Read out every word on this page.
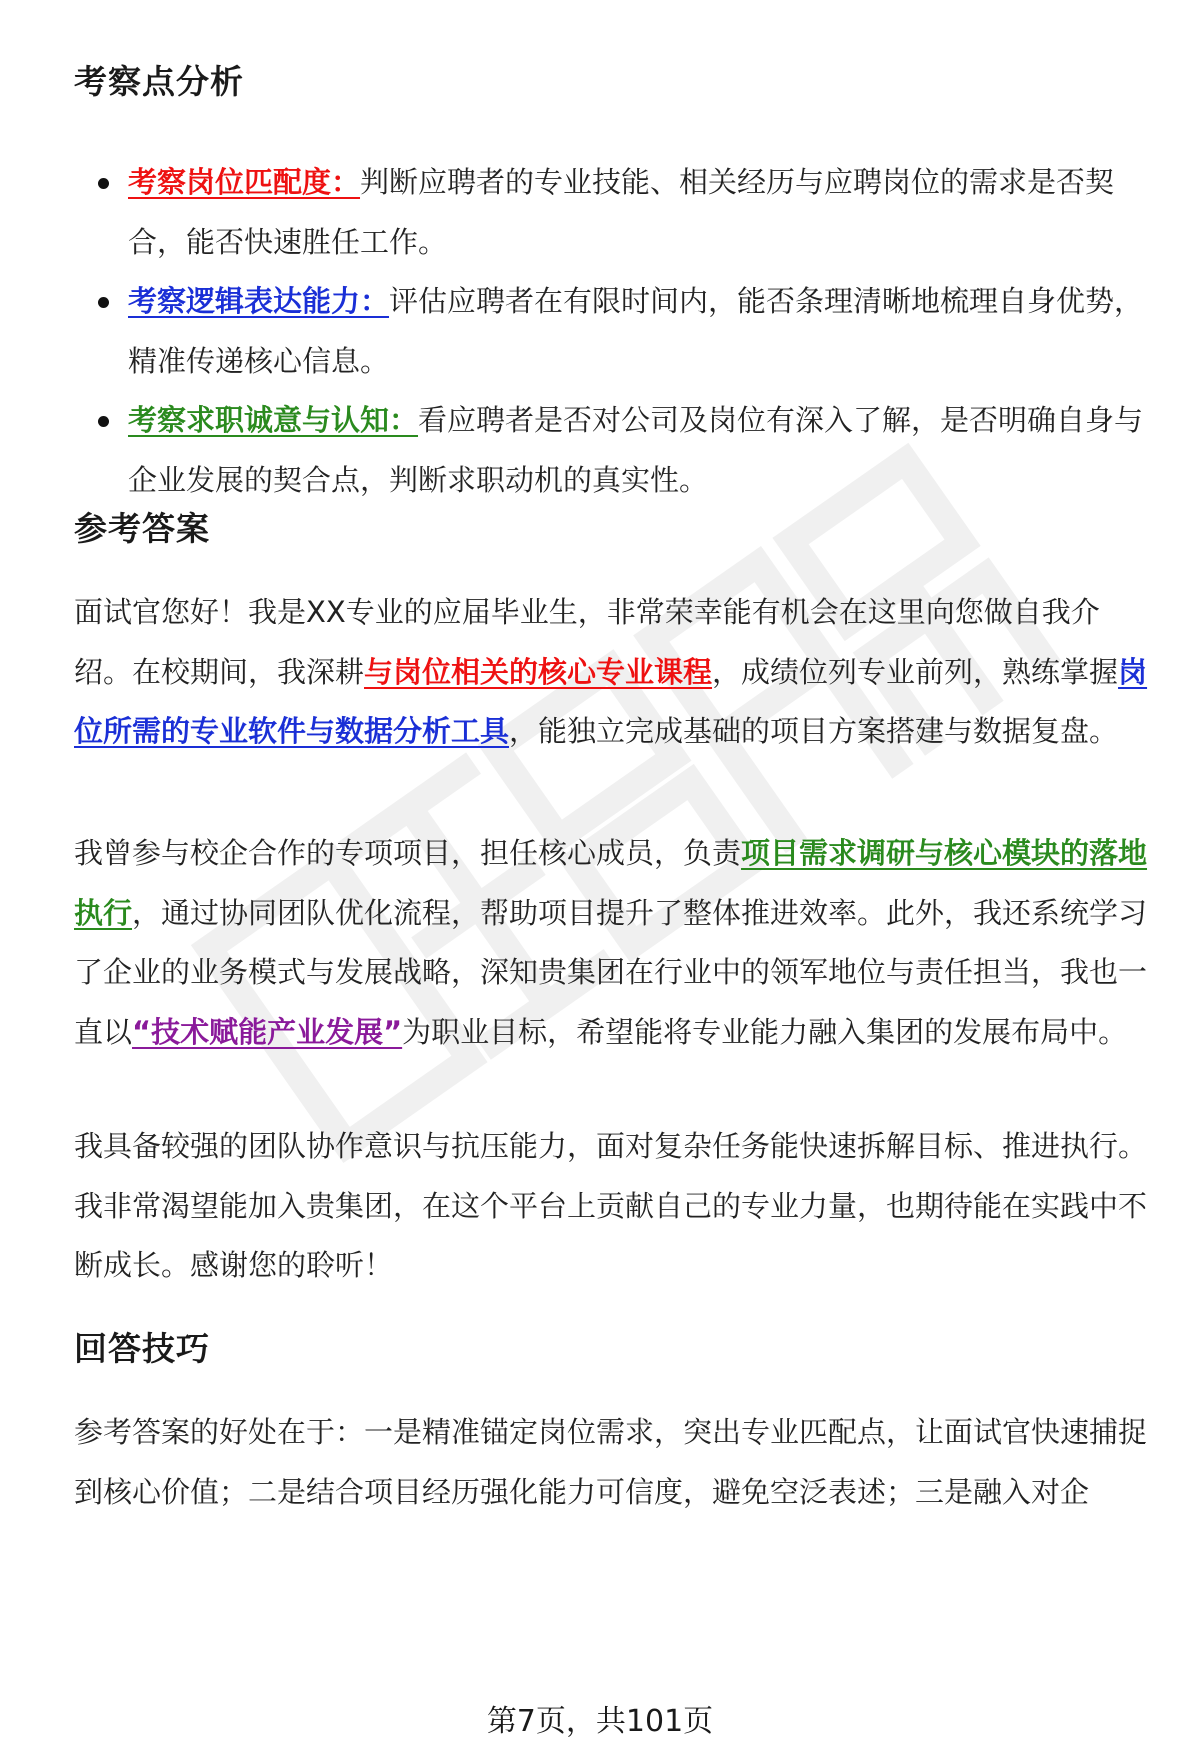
考察点分析
考察岗位匹配度：判断应聘者的专业技能、相关经历与应聘岗位的需求是否契合，能否快速胜任工作。
考察逻辑表达能力：评估应聘者在有限时间内，能否条理清晰地梳理自身优势，精准传递核心信息。
考察求职诚意与认知：看应聘者是否对公司及岗位有深入了解，是否明确自身与企业发展的契合点，判断求职动机的真实性。
参考答案

面试官您好！我是XX专业的应届毕业生，非常荣幸能有机会在这里向您做自我介绍。在校期间，我深耕与岗位相关的核心专业课程，成绩位列专业前列，熟练掌握岗位所需的专业软件与数据分析工具，能独立完成基础的项目方案搭建与数据复盘。

我曾参与校企合作的专项项目，担任核心成员，负责项目需求调研与核心模块的落地执行，通过协同团队优化流程，帮助项目提升了整体推进效率。此外，我还系统学习了企业的业务模式与发展战略，深知贵集团在行业中的领军地位与责任担当，我也一直以“技术赋能产业发展”为职业目标，希望能将专业能力融入集团的发展布局中。

我具备较强的团队协作意识与抗压能力，面对复杂任务能快速拆解目标、推进执行。我非常渴望能加入贵集团，在这个平台上贡献自己的专业力量，也期待能在实践中不断成长。感谢您的聆听！

回答技巧

参考答案的好处在于：一是精准锚定岗位需求，突出专业匹配点，让面试官快速捕捉到核心价值；二是结合项目经历强化能力可信度，避免空泛表述；三是融入对企

第7页，共101页
